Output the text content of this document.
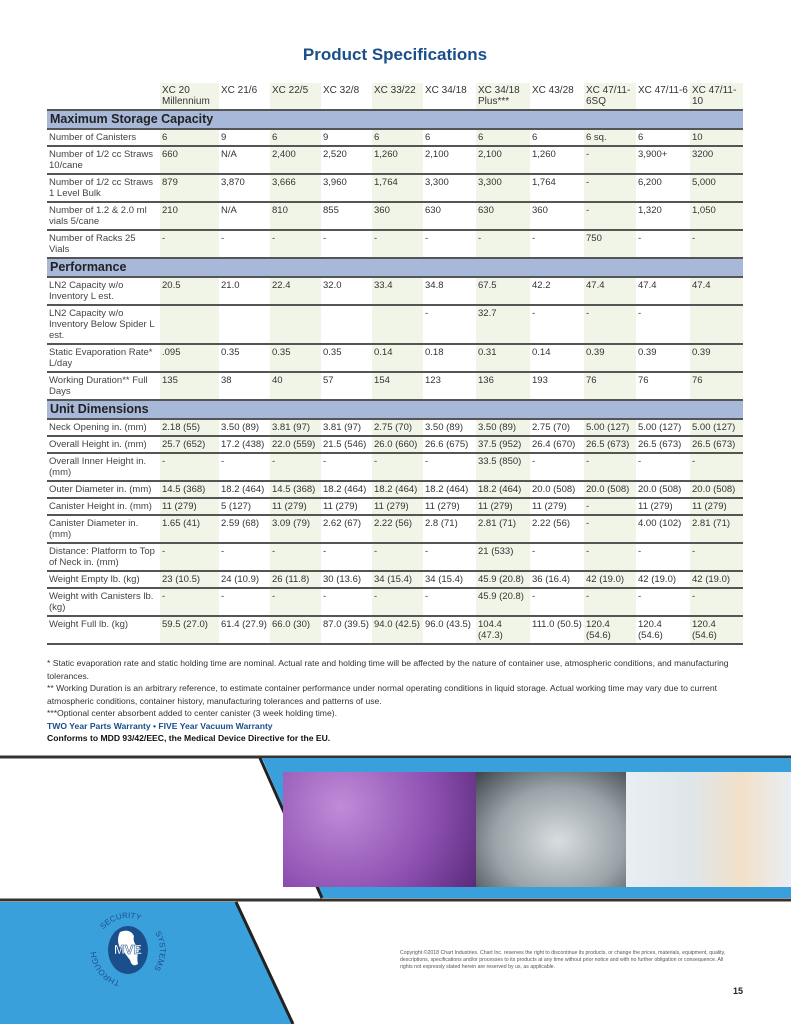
Product Specifications
	XC 20 Millennium	XC 21/6	XC 22/5	XC 32/8	XC 33/22	XC 34/18	XC 34/18 Plus***	XC 43/28	XC 47/11-6SQ	XC 47/11-6	XC 47/11-10
Maximum Storage Capacity											
Number of Canisters	6	9	6	9	6	6	6	6	6 sq.	6	10
Number of 1/2 cc Straws 10/cane	660	N/A	2,400	2,520	1,260	2,100	2,100	1,260	-	3,900+	3200
Number of 1/2 cc Straws 1 Level Bulk	879	3,870	3,666	3,960	1,764	3,300	3,300	1,764	-	6,200	5,000
Number of 1.2 & 2.0 ml vials 5/cane	210	N/A	810	855	360	630	630	360	-	1,320	1,050
Number of Racks 25 Vials	-	-	-	-	-	-	-	-	750	-	-
Performance											
LN2 Capacity w/o Inventory L est.	20.5	21.0	22.4	32.0	33.4	34.8	67.5	42.2	47.4	47.4	47.4
LN2 Capacity w/o Inventory Below Spider L est.						-	32.7	-	-	-	
Static Evaporation Rate* L/day	.095	0.35	0.35	0.35	0.14	0.18	0.31	0.14	0.39	0.39	0.39
Working Duration** Full Days	135	38	40	57	154	123	136	193	76	76	76
Unit Dimensions											
Neck Opening in. (mm)	2.18 (55)	3.50 (89)	3.81 (97)	3.81 (97)	2.75 (70)	3.50 (89)	3.50 (89)	2.75 (70)	5.00 (127)	5.00 (127)	5.00 (127)
Overall Height in. (mm)	25.7 (652)	17.2 (438)	22.0 (559)	21.5 (546)	26.0 (660)	26.6 (675)	37.5 (952)	26.4 (670)	26.5 (673)	26.5 (673)	26.5 (673)
Overall Inner Height in. (mm)	-	-	-	-	-	-	33.5 (850)	-	-	-	-
Outer Diameter in. (mm)	14.5 (368)	18.2 (464)	14.5 (368)	18.2 (464)	18.2 (464)	18.2 (464)	18.2 (464)	20.0 (508)	20.0 (508)	20.0 (508)	20.0 (508)
Canister Height in. (mm)	11 (279)	5 (127)	11 (279)	11 (279)	11 (279)	11 (279)	11 (279)	11 (279)	-	11 (279)	11 (279)
Canister Diameter in. (mm)	1.65 (41)	2.59 (68)	3.09 (79)	2.62 (67)	2.22 (56)	2.8 (71)	2.81 (71)	2.22 (56)	-	4.00 (102)	2.81 (71)
Distance: Platform to Top of Neck in. (mm)	-	-	-	-	-	-	21 (533)	-	-	-	-
Weight Empty lb. (kg)	23 (10.5)	24 (10.9)	26 (11.8)	30 (13.6)	34 (15.4)	34 (15.4)	45.9 (20.8)	36 (16.4)	42 (19.0)	42 (19.0)	42 (19.0)
Weight with Canisters lb. (kg)	-	-	-	-	-	-	45.9 (20.8)	-	-	-	-
Weight Full lb. (kg)	59.5 (27.0)	61.4 (27.9)	66.0 (30)	87.0 (39.5)	94.0 (42.5)	96.0 (43.5)	104.4 (47.3)	111.0 (50.5)	120.4 (54.6)	120.4 (54.6)	120.4 (54.6)
* Static evaporation rate and static holding time are nominal. Actual rate and holding time will be affected by the nature of container use, atmospheric conditions, and manufacturing tolerances.
** Working Duration is an arbitrary reference, to estimate container performance under normal operating conditions in liquid storage. Actual working time may vary due to current atmospheric conditions, container history, manufacturing tolerances and patterns of use.
***Optional center absorbent added to center canister (3 week holding time).
TWO Year Parts Warranty • FIVE Year Vacuum Warranty
Conforms to MDD 93/42/EEC, the Medical Device Directive for the EU.
MVE
THROUGH
SECURITY
SYSTEMS
Copyright ©2018 Chart Industries. Chart Inc. reserves the right to discontinue its products, or change the prices, materials, equipment, quality, descriptions, specifications and/or processes to its products at any time without prior notice and with no further obligation or consequence. All rights not expressly stated herein are reserved by us, as applicable.
15
